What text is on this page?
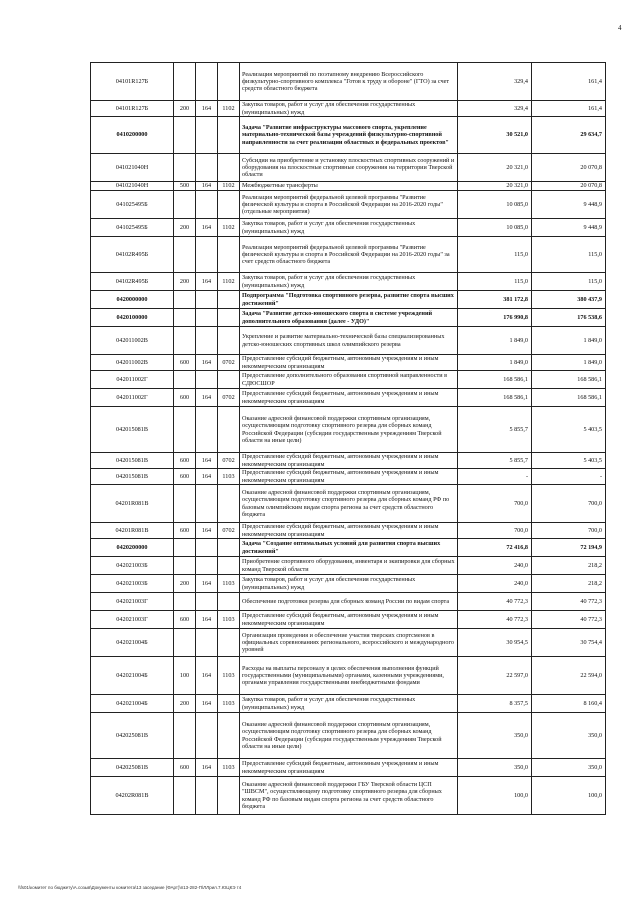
4
04101R127Б				Реализация мероприятий по поэтапному внедрению Всероссийского физкультурно-спортивного комплекса "Готов к труду и обороне" (ГТО) за счет средств областного бюджета	329,4	161,4
04101R127Б	200	164	1102	Закупка товаров, работ и услуг для обеспечения государственных (муниципальных) нужд	329,4	161,4
0410200000				Задача "Развитие инфраструктуры массового спорта, укрепление материально-технической базы учреждений физкультурно-спортивной направленности за счет реализации областных и федеральных проектов"	30 521,0	29 634,7
041021040Н				Субсидии на приобретение и установку плоскостных спортивных сооружений и оборудования на плоскостные спортивные сооружения на территории Тверской области	20 321,0	20 070,8
041021040Н	500	164	1102	Межбюджетные трансферты	20 321,0	20 070,8
041025495Б				Реализация мероприятий федеральной целевой программы "Развитие физической культуры и спорта в Российской Федерации на 2016-2020 годы" (отдельные мероприятия)	10 085,0	9 448,9
041025495Б	200	164	1102	Закупка товаров, работ и услуг для обеспечения государственных (муниципальных) нужд	10 085,0	9 448,9
04102R495Б				Реализация мероприятий федеральной целевой программы "Развитие физической культуры и спорта в Российской Федерации на 2016-2020 годы" за счет средств областного бюджета	115,0	115,0
04102R495Б	200	164	1102	Закупка товаров, работ и услуг для обеспечения государственных (муниципальных) нужд	115,0	115,0
0420000000				Подпрограмма "Подготовка спортивного резерва, развитие спорта высших достижений"	381 172,8	380 437,9
0420100000				Задача "Развитие детско-юношеского спорта в системе учреждений дополнительного образования (далее - УДО)"	176 990,8	176 538,6
042011002В				Укрепление и развитие материально-технической базы специализированных детско-юношеских спортивных школ олимпийского резерва	1 849,0	1 849,0
042011002В	600	164	0702	Предоставление субсидий бюджетным, автономным учреждениям и иным некоммерческим организациям	1 849,0	1 849,0
042011002Г				Предоставление дополнительного образования спортивной направленности в СДЮСШОР	168 586,1	168 586,1
042011002Г	600	164	0702	Предоставление субсидий бюджетным, автономным учреждениям и иным некоммерческим организациям	168 586,1	168 586,1
042015081В				Оказание адресной финансовой поддержки спортивным организациям, осуществляющим подготовку спортивного резерва для сборных команд Российской Федерации (субсидии государственным учреждениям Тверской области на иные цели)	5 855,7	5 403,5
042015081В	600	164	0702	Предоставление субсидий бюджетным, автономным учреждениям и иным некоммерческим организациям	5 855,7	5 403,5
042015081В	600	164	1103	Предоставление субсидий бюджетным, автономным учреждениям и иным некоммерческим организациям	-	-
04201R081В				Оказание адресной финансовой поддержки спортивным организациям, осуществляющим подготовку спортивного резерва для сборных команд РФ по базовым олимпийским видам спорта региона за счет средств областного бюджета	700,0	700,0
04201R081В	600	164	0702	Предоставление субсидий бюджетным, автономным учреждениям и иным некоммерческим организациям	700,0	700,0
0420200000				Задача "Создание оптимальных условий для развития спорта высших достижений"	72 416,8	72 194,9
042021003Б				Приобретение спортивного оборудования, инвентаря и экипировки для сборных команд Тверской области	240,0	218,2
042021003Б	200	164	1103	Закупка товаров, работ и услуг для обеспечения государственных (муниципальных) нужд	240,0	218,2
042021003Г				Обеспечение подготовки резерва для сборных команд России по видам спорта	40 772,3	40 772,3
042021003Г	600	164	1103	Предоставление субсидий бюджетным, автономным учреждениям и иным некоммерческим организациям	40 772,3	40 772,3
042021004Б				Организация проведения и обеспечение участия тверских спортсменов в официальных соревнованиях регионального, всероссийского и международного уровней	30 954,5	30 754,4
042021004Б	100	164	1103	Расходы на выплаты персоналу в целях обеспечения выполнения функций государственными (муниципальными) органами, казенными учреждениями, органами управления государственными внебюджетными фондами	22 597,0	22 594,0
042021004Б	200	164	1103	Закупка товаров, работ и услуг для обеспечения государственных (муниципальных) нужд	8 357,5	8 160,4
042025081В				Оказание адресной финансовой поддержки спортивным организациям, осуществляющим подготовку спортивного резерва для сборных команд Российской Федерации (субсидии государственным учреждениям Тверской области на иные цели)	350,0	350,0
042025081В	600	164	1103	Предоставление субсидий бюджетным, автономным учреждениям и иным некоммерческим организациям	350,0	350,0
04202R081В				Оказание адресной финансовой поддержки ГБУ Тверской области ЦСП "ШВСМ", осуществляющему подготовку спортивного резерва для сборных команд РФ по базовым видам спорта региона за счет средств областного бюджета	100,0	100,0
\\fs01\комитет по бюджету\А.созыв\Документы комитета\13 заседание (ФАрт)\п13-282-П\ЛЛрил.7.ЮЦКЭ т4
